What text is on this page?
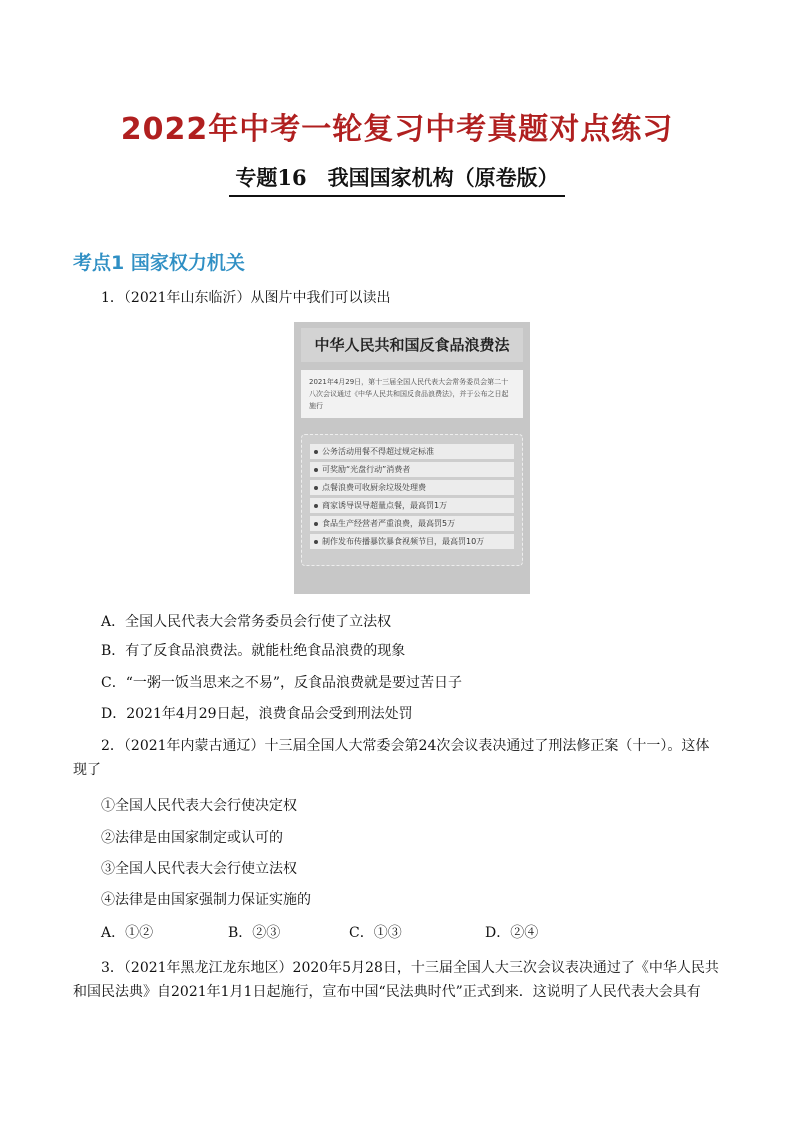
2022年中考一轮复习中考真题对点练习
专题16　我国国家机构（原卷版）
考点1 国家权力机关
1．（2021年山东临沂）从图片中我们可以读出
中华人民共和国反食品浪费法
2021年4月29日，第十三届全国人民代表大会常务委员会第二十八次会议通过《中华人民共和国反食品浪费法》，并于公布之日起施行
公务活动用餐不得超过规定标准
可奖励“光盘行动”消费者
点餐浪费可收厨余垃圾处理费
商家诱导误导超量点餐，最高罚1万
食品生产经营者严重浪费，最高罚5万
制作发布传播暴饮暴食视频节目，最高罚10万
A．全国人民代表大会常务委员会行使了立法权
B．有了反食品浪费法。就能杜绝食品浪费的现象
C．“一粥一饭当思来之不易”，反食品浪费就是要过苦日子
D．2021年4月29日起，浪费食品会受到刑法处罚
2．（2021年内蒙古通辽）十三届全国人大常委会第24次会议表决通过了刑法修正案（十一）。这体现了
①全国人民代表大会行使决定权
②法律是由国家制定或认可的
③全国人民代表大会行使立法权
④法律是由国家强制力保证实施的
A．①②	B．②③	C．①③	D．②④
3．（2021年黑龙江龙东地区）2020年5月28日，十三届全国人大三次会议表决通过了《中华人民共和国民法典》自2021年1月1日起施行，宣布中国“民法典时代”正式到来．这说明了人民代表大会具有
